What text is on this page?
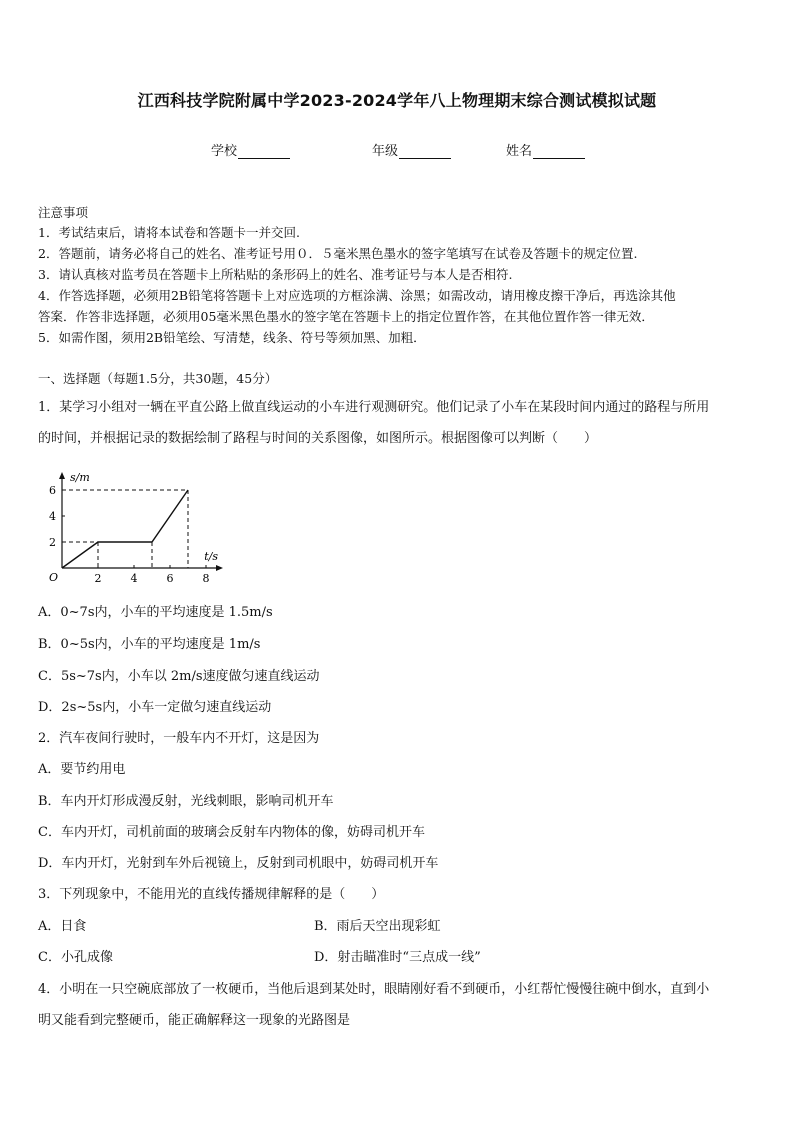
江西科技学院附属中学2023-2024学年八上物理期末综合测试模拟试题
学校	年级	姓名
注意事项
1．考试结束后，请将本试卷和答题卡一并交回.
2．答题前，请务必将自己的姓名、准考证号用０．５毫米黑色墨水的签字笔填写在试卷及答题卡的规定位置.
3．请认真核对监考员在答题卡上所粘贴的条形码上的姓名、准考证号与本人是否相符.
4．作答选择题，必须用2B铅笔将答题卡上对应选项的方框涂满、涂黑；如需改动，请用橡皮擦干净后，再选涂其他
答案．作答非选择题，必须用05毫米黑色墨水的签字笔在答题卡上的指定位置作答，在其他位置作答一律无效．
5．如需作图，须用2B铅笔绘、写清楚，线条、符号等须加黑、加粗．
一、选择题（每题1.5分，共30题，45分）
1．某学习小组对一辆在平直公路上做直线运动的小车进行观测研究。他们记录了小车在某段时间内通过的路程与所用
的时间，并根据记录的数据绘制了路程与时间的关系图像，如图所示。根据图像可以判断（　　）
2	4	6	8
2
4
6
O
s/m
t/s
A．0~7s内，小车的平均速度是 1.5m/s
B．0~5s内，小车的平均速度是 1m/s
C．5s~7s内，小车以 2m/s速度做匀速直线运动
D．2s~5s内，小车一定做匀速直线运动
2．汽车夜间行驶时，一般车内不开灯，这是因为
A．要节约用电
B．车内开灯形成漫反射，光线刺眼，影响司机开车
C．车内开灯，司机前面的玻璃会反射车内物体的像，妨碍司机开车
D．车内开灯，光射到车外后视镜上，反射到司机眼中，妨碍司机开车
3．下列现象中，不能用光的直线传播规律解释的是（　　）
A．日食	B．雨后天空出现彩虹
C．小孔成像	D．射击瞄准时“三点成一线”
4．小明在一只空碗底部放了一枚硬币，当他后退到某处时，眼睛刚好看不到硬币，小红帮忙慢慢往碗中倒水，直到小
明又能看到完整硬币，能正确解释这一现象的光路图是
